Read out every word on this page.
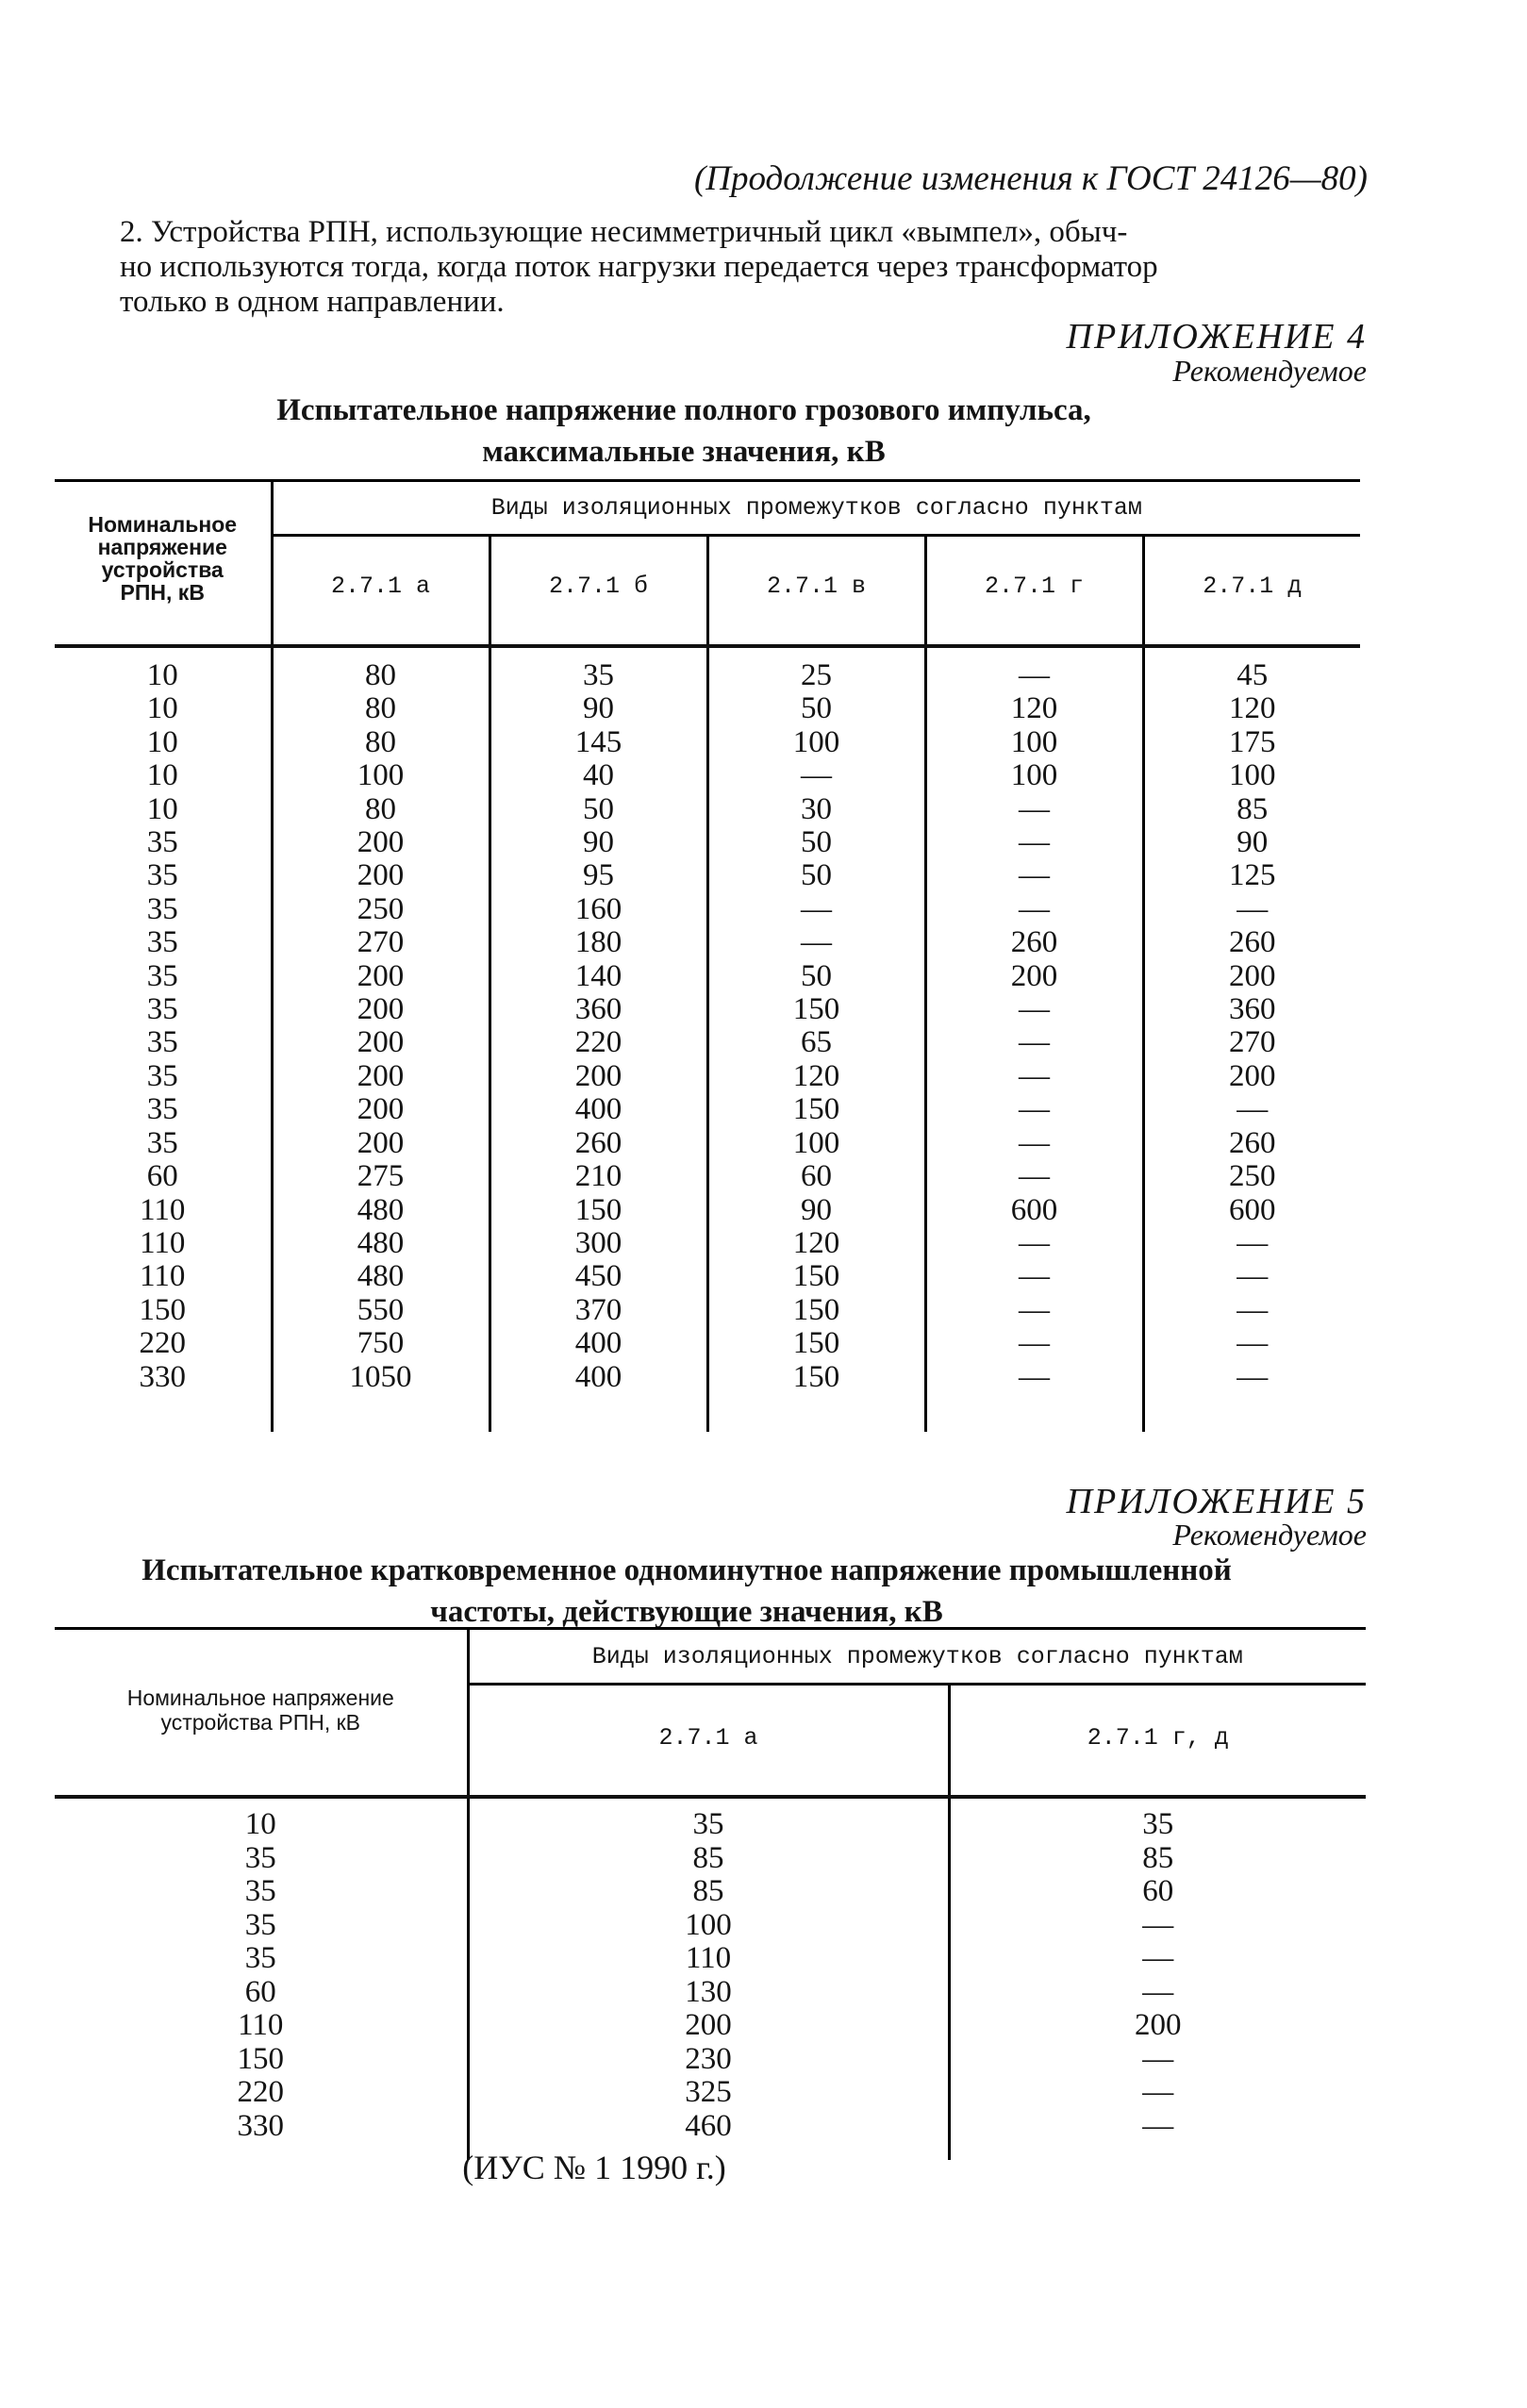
(Продолжение изменения к ГОСТ 24126—80)
2. Устройства РПН, использующие несимметричный цикл «вымпел», обыч-
но используются тогда, когда поток нагрузки передается через трансформатор
только в одном направлении.
ПРИЛОЖЕНИЕ 4
Рекомендуемое
Испытательное напряжение полного грозового импульса,
максимальные значения, кВ
Номинальное
напряжение
устройства
РПН, кВ	Виды изоляционных промежутков согласно пунктам				
	2.7.1 а	2.7.1 б	2.7.1 в	2.7.1 г	2.7.1 д

10	80	35	25	—	45
10	80	90	50	120	120
10	80	145	100	100	175
10	100	40	—	100	100
10	80	50	30	—	85
35	200	90	50	—	90
35	200	95	50	—	125
35	250	160	—	—	—
35	270	180	—	260	260
35	200	140	50	200	200
35	200	360	150	—	360
35	200	220	65	—	270
35	200	200	120	—	200
35	200	400	150	—	—
35	200	260	100	—	260
60	275	210	60	—	250
110	480	150	90	600	600
110	480	300	120	—	—
110	480	450	150	—	—
150	550	370	150	—	—
220	750	400	150	—	—
330	1050	400	150	—	—

ПРИЛОЖЕНИЕ 5
Рекомендуемое
Испытательное кратковременное одноминутное напряжение промышленной
частоты, действующие значения, кВ
Номинальное напряжение
устройства РПН, кВ	Виды изоляционных промежутков согласно пунктам	
	2.7.1 а	2.7.1 г, д

10	35	35
35	85	85
35	85	60
35	100	—
35	110	—
60	130	—
110	200	200
150	230	—
220	325	—
330	460	—

(ИУС № 1 1990 г.)
